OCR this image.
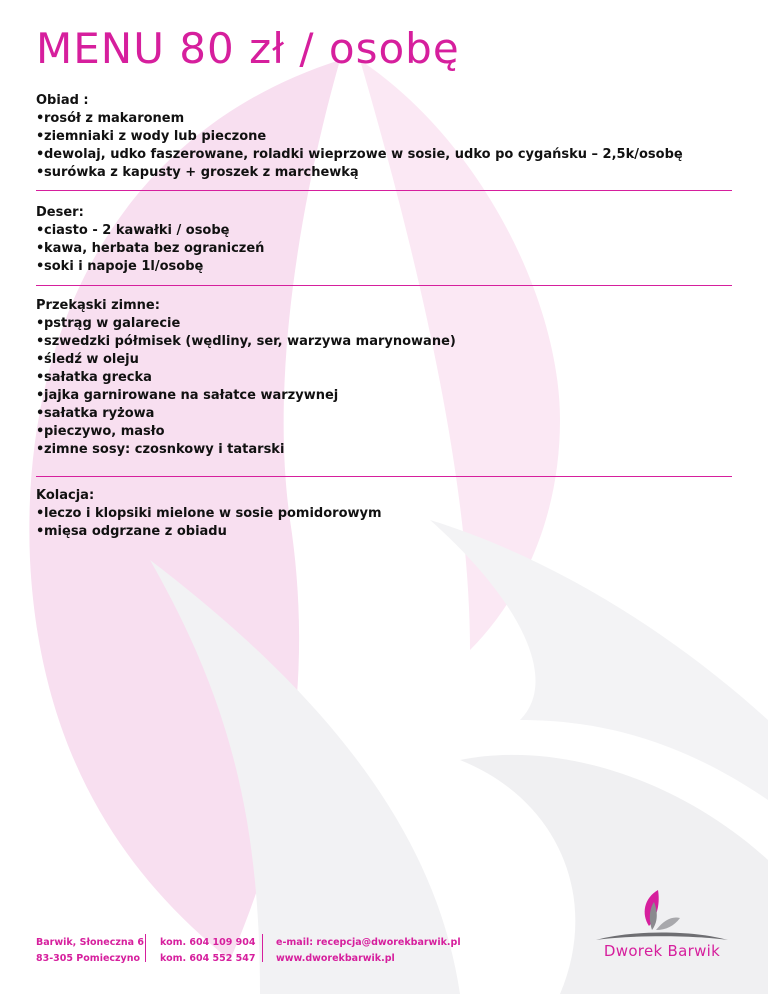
MENU 80 zł / osobę
Obiad :
•rosół z makaronem
•ziemniaki z wody lub pieczone
•dewolaj, udko faszerowane, roladki wieprzowe w sosie, udko po cygańsku – 2,5k/osobę
•surówka z kapusty + groszek z marchewką
Deser:
•ciasto - 2 kawałki / osobę
•kawa, herbata bez ograniczeń
•soki i napoje 1l/osobę
Przekąski zimne:
•pstrąg w galarecie
•szwedzki półmisek (wędliny, ser, warzywa marynowane)
•śledź w oleju
•sałatka grecka
•jajka garnirowane na sałatce warzywnej
•sałatka ryżowa
•pieczywo, masło
•zimne sosy: czosnkowy i tatarski
Kolacja:
•leczo i klopsiki mielone w sosie pomidorowym
•mięsa odgrzane z obiadu
Barwik, Słoneczna 6
83-305 Pomieczyno
kom. 604 109 904
kom. 604 552 547
e-mail: recepcja@dworekbarwik.pl
www.dworekbarwik.pl	Dworek Barwik
